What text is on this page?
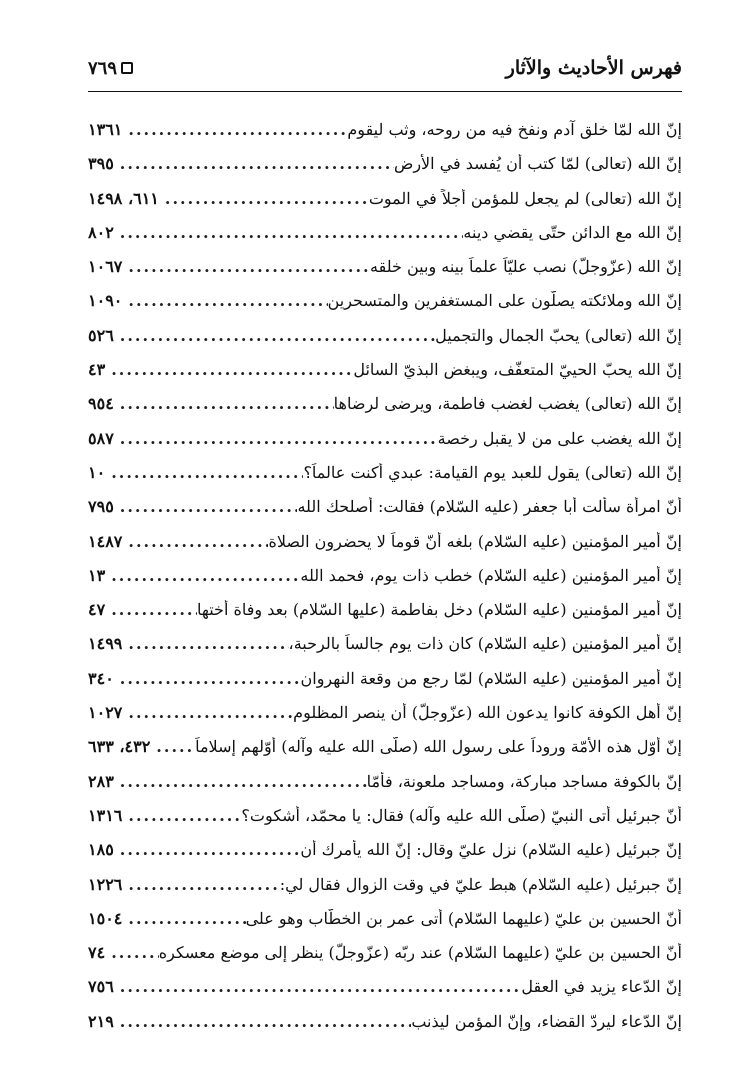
فهرس الأحاديث والآثار
٧٦٩
إنّ الله لمّا خلق آدم ونفخ فيه من روحه، وثب ليقوم
.....
١٣٦١
إنّ الله (تعالى) لمّا كتب أن يُفسد في الأرض
.....
٣٩٥
إنّ الله (تعالى) لم يجعل للمؤمن أجلاً في الموت
.....
٦١١، ١٤٩٨
إنّ الله مع الدائن حتّى يقضي دينه
.....
٨٠٢
إنّ الله (عزّوجلّ) نصب عليّاً علماً بينه وبين خلقه
.....
١٠٦٧
إنّ الله وملائكته يصلّون على المستغفرين والمتسحرين
.....
١٠٩٠
إنّ الله (تعالى) يحبّ الجمال والتجميل
.....
٥٢٦
إنّ الله يحبّ الحييّ المتعفّف، ويبغض البذيّ السائل
.....
٤٣
إنّ الله (تعالى) يغضب لغضب فاطمة، ويرضى لرضاها
.....
٩٥٤
إنّ الله يغضب على من لا يقبل رخصة
.....
٥٨٧
إنّ الله (تعالى) يقول للعبد يوم القيامة: عبدي أكنت عالماً؟
.....
١٠
أنّ امرأة سألت أبا جعفر (عليه السّلام) فقالت: أصلحك الله
.....
٧٩٥
إنّ أمير المؤمنين (عليه السّلام) بلغه أنّ قوماً لا يحضرون الصلاة
.....
١٤٨٧
إنّ أمير المؤمنين (عليه السّلام) خطب ذات يوم، فحمد الله
.....
١٣
إنّ أمير المؤمنين (عليه السّلام) دخل بفاطمة (عليها السّلام) بعد وفاة أختها
.....
٤٧
إنّ أمير المؤمنين (عليه السّلام) كان ذات يوم جالساً بالرحبة،
.....
١٤٩٩
إنّ أمير المؤمنين (عليه السّلام) لمّا رجع من وقعة النهروان
.....
٣٤٠
إنّ أهل الكوفة كانوا يدعون الله (عزّوجلّ) أن ينصر المظلوم
.....
١٠٢٧
إنّ أوّل هذه الأمّة وروداً على رسول الله (صلّى الله عليه وآله) أوّلهم إسلاماً
.....
٤٣٢، ٦٣٣
إنّ بالكوفة مساجد مباركة، ومساجد ملعونة، فأمّا
.....
٢٨٣
أنّ جبرئيل أتى النبيّ (صلّى الله عليه وآله) فقال: يا محمّد، أشكوت؟
.....
١٣١٦
إنّ جبرئيل (عليه السّلام) نزل عليّ وقال: إنّ الله يأمرك أن
.....
١٨٥
إنّ جبرئيل (عليه السّلام) هبط عليّ في وقت الزوال فقال لي:
.....
١٢٢٦
أنّ الحسين بن عليّ (عليهما السّلام) أتى عمر بن الخطّاب وهو على
.....
١٥٠٤
أنّ الحسين بن عليّ (عليهما السّلام) عند ربّه (عزّوجلّ) ينظر إلى موضع معسكره
.....
٧٤
إنّ الدّعاء يزيد في العقل
.....
٧٥٦
إنّ الدّعاء ليردّ القضاء، وإنّ المؤمن ليذنب
.....
٢١٩
